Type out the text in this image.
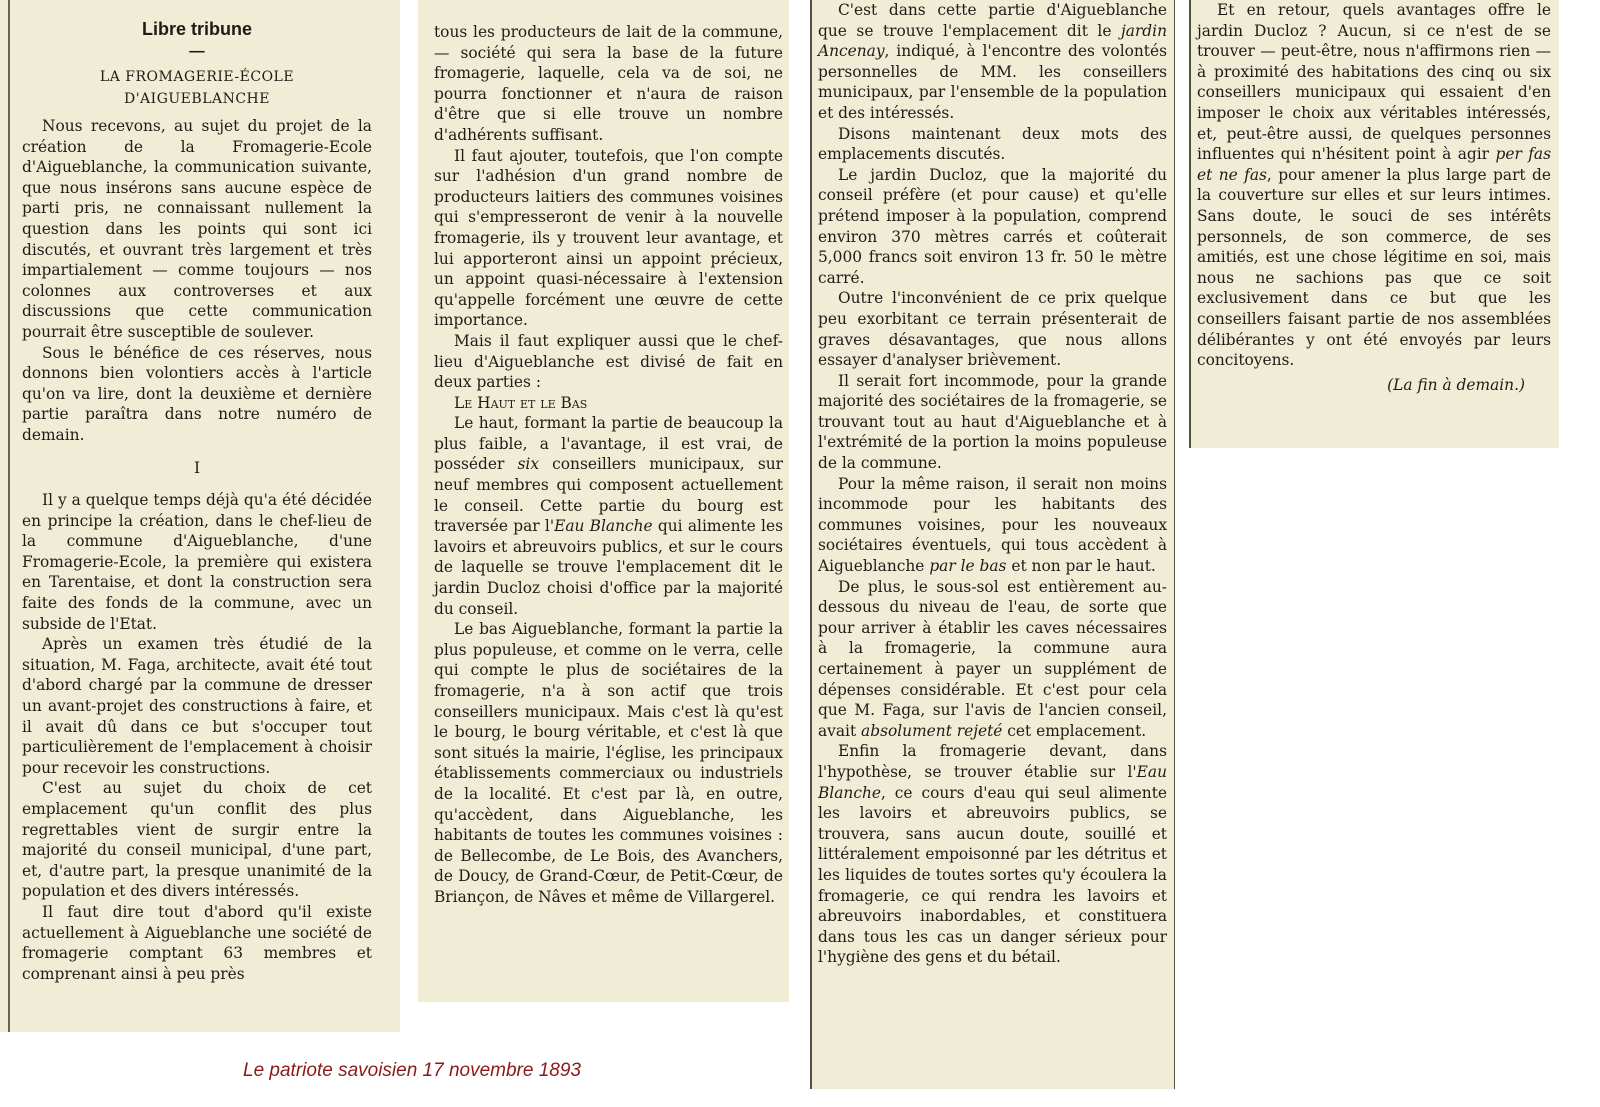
Libre tribune
—
LA FROMAGERIE-ÉCOLE
D'AIGUEBLANCHE

Nous recevons, au sujet du projet de la création de la Fromagerie-Ecole d'Aigueblanche, la communication suivante, que nous insérons sans aucune espèce de parti pris, ne connaissant nullement la question dans les points qui sont ici discutés, et ouvrant très largement et très impartialement — comme toujours — nos colonnes aux controverses et aux discussions que cette communication pourrait être susceptible de soulever.

Sous le bénéfice de ces réserves, nous donnons bien volontiers accès à l'article qu'on va lire, dont la deuxième et dernière partie paraîtra dans notre numéro de demain.

I

Il y a quelque temps déjà qu'a été décidée en principe la création, dans le chef-lieu de la commune d'Aigueblanche, d'une Fromagerie-Ecole, la première qui existera en Tarentaise, et dont la construction sera faite des fonds de la commune, avec un subside de l'Etat.

Après un examen très étudié de la situation, M. Faga, architecte, avait été tout d'abord chargé par la commune de dresser un avant-projet des constructions à faire, et il avait dû dans ce but s'occuper tout particulièrement de l'emplacement à choisir pour recevoir les constructions.

C'est au sujet du choix de cet emplacement qu'un conflit des plus regrettables vient de surgir entre la majorité du conseil municipal, d'une part, et, d'autre part, la presque unanimité de la population et des divers intéressés.

Il faut dire tout d'abord qu'il existe actuellement à Aigueblanche une société de fromagerie comptant 63 membres et comprenant ainsi à peu près

tous les producteurs de lait de la commune, — société qui sera la base de la future fromagerie, laquelle, cela va de soi, ne pourra fonctionner et n'aura de raison d'être que si elle trouve un nombre d'adhérents suffisant.

Il faut ajouter, toutefois, que l'on compte sur l'adhésion d'un grand nombre de producteurs laitiers des communes voisines qui s'empresseront de venir à la nouvelle fromagerie, ils y trouvent leur avantage, et lui apporteront ainsi un appoint précieux, un appoint quasi-nécessaire à l'extension qu'appelle forcément une œuvre de cette importance.

Mais il faut expliquer aussi que le chef-lieu d'Aigueblanche est divisé de fait en deux parties :

Le Haut et le Bas

Le haut, formant la partie de beaucoup la plus faible, a l'avantage, il est vrai, de posséder six conseillers municipaux, sur neuf membres qui composent actuellement le conseil. Cette partie du bourg est traversée par l'Eau Blanche qui alimente les lavoirs et abreuvoirs publics, et sur le cours de laquelle se trouve l'emplacement dit le jardin Ducloz choisi d'office par la majorité du conseil.

Le bas Aigueblanche, formant la partie la plus populeuse, et comme on le verra, celle qui compte le plus de sociétaires de la fromagerie, n'a à son actif que trois conseillers municipaux. Mais c'est là qu'est le bourg, le bourg véritable, et c'est là que sont situés la mairie, l'église, les principaux établissements commerciaux ou industriels de la localité. Et c'est par là, en outre, qu'accèdent, dans Aigueblanche, les habitants de toutes les communes voisines : de Bellecombe, de Le Bois, des Avanchers, de Doucy, de Grand-Cœur, de Petit-Cœur, de Briançon, de Nâves et même de Villargerel.

C'est dans cette partie d'Aigueblanche que se trouve l'emplacement dit le jardin Ancenay, indiqué, à l'encontre des volontés personnelles de MM. les conseillers municipaux, par l'ensemble de la population et des intéressés.

Disons maintenant deux mots des emplacements discutés.

Le jardin Ducloz, que la majorité du conseil préfère (et pour cause) et qu'elle prétend imposer à la population, comprend environ 370 mètres carrés et coûterait 5,000 francs soit environ 13 fr. 50 le mètre carré.

Outre l'inconvénient de ce prix quelque peu exorbitant ce terrain présenterait de graves désavantages, que nous allons essayer d'analyser brièvement.

Il serait fort incommode, pour la grande majorité des sociétaires de la fromagerie, se trouvant tout au haut d'Aigueblanche et à l'extrémité de la portion la moins populeuse de la commune.

Pour la même raison, il serait non moins incommode pour les habitants des communes voisines, pour les nouveaux sociétaires éventuels, qui tous accèdent à Aigueblanche par le bas et non par le haut.

De plus, le sous-sol est entièrement au-dessous du niveau de l'eau, de sorte que pour arriver à établir les caves nécessaires à la fromagerie, la commune aura certainement à payer un supplément de dépenses considérable. Et c'est pour cela que M. Faga, sur l'avis de l'ancien conseil, avait absolument rejeté cet emplacement.

Enfin la fromagerie devant, dans l'hypothèse, se trouver établie sur l'Eau Blanche, ce cours d'eau qui seul alimente les lavoirs et abreuvoirs publics, se trouvera, sans aucun doute, souillé et littéralement empoisonné par les détritus et les liquides de toutes sortes qu'y écoulera la fromagerie, ce qui rendra les lavoirs et abreuvoirs inabordables, et constituera dans tous les cas un danger sérieux pour l'hygiène des gens et du bétail.

Et en retour, quels avantages offre le jardin Ducloz ? Aucun, si ce n'est de se trouver — peut-être, nous n'affirmons rien — à proximité des habitations des cinq ou six conseillers municipaux qui essaient d'en imposer le choix aux véritables intéressés, et, peut-être aussi, de quelques personnes influentes qui n'hésitent point à agir per fas et ne fas, pour amener la plus large part de la couverture sur elles et sur leurs intimes. Sans doute, le souci de ses intérêts personnels, de son commerce, de ses amitiés, est une chose légitime en soi, mais nous ne sachions pas que ce soit exclusivement dans ce but que les conseillers faisant partie de nos assemblées délibérantes y ont été envoyés par leurs concitoyens.

(La fin à demain.)
Le patriote savoisien 17 novembre 1893
